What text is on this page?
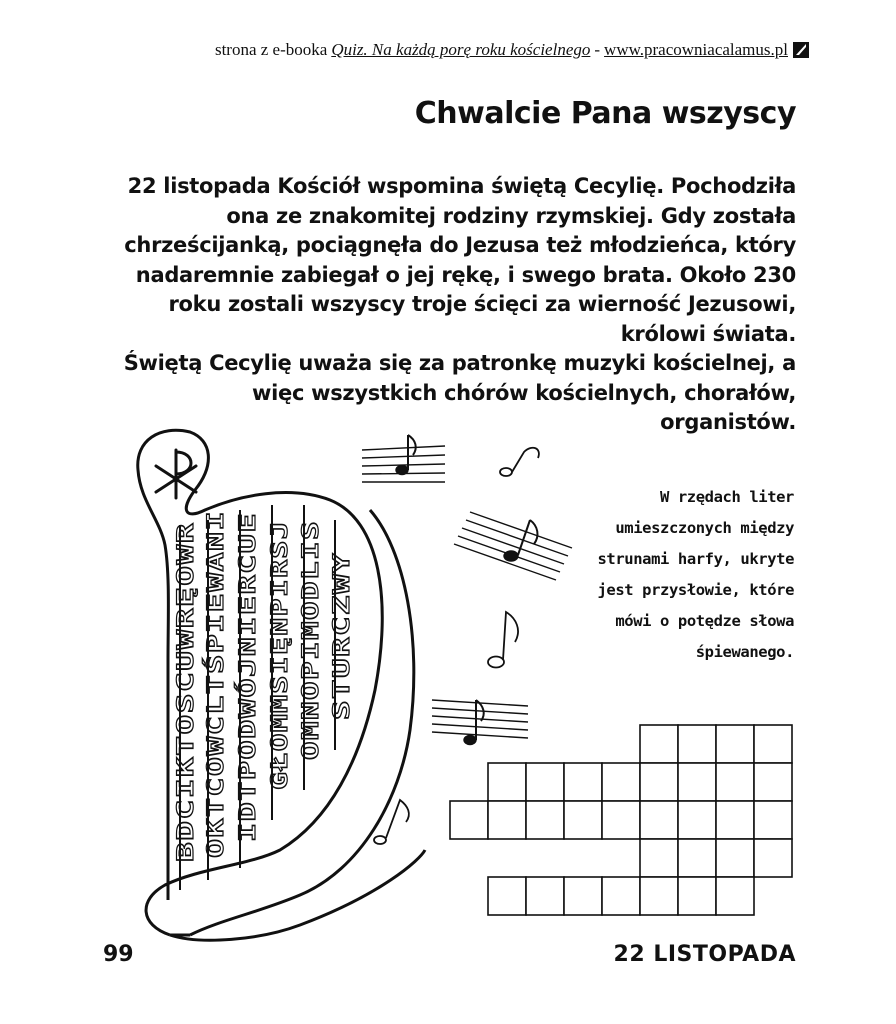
strona z e-booka Quiz. Na każdą porę roku kościelnego - www.pracowniacalamus.pl
Chwalcie Pana wszyscy

22 listopada Kościół wspomina świętą Cecylię. Pochodziła ona ze znakomitej rodziny rzymskiej. Gdy została chrześcijanką, pociągnęła do Jezusa też młodzieńca, który nadaremnie zabiegał o jej rękę, i swego brata. Około 230 roku zostali wszyscy troje ścięci za wierność Jezusowi, królowi świata.

Świętą Cecylię uważa się za patronkę muzyki kościelnej, a więc wszystkich chórów kościelnych, chorałów, organistów.

BDCIKTOSCUWRĘOWR OKTCOWCLTŚPIEWANI IDTPODWÓJNIERCUE GŁOMMSIĘNPIRSJ OMNOPIMODLIS STURCZWY
W rzędach liter umieszczonych między strunami harfy, ukryte jest przysłowie, które mówi o potędze słowa śpiewanego.
99	22 LISTOPADA
